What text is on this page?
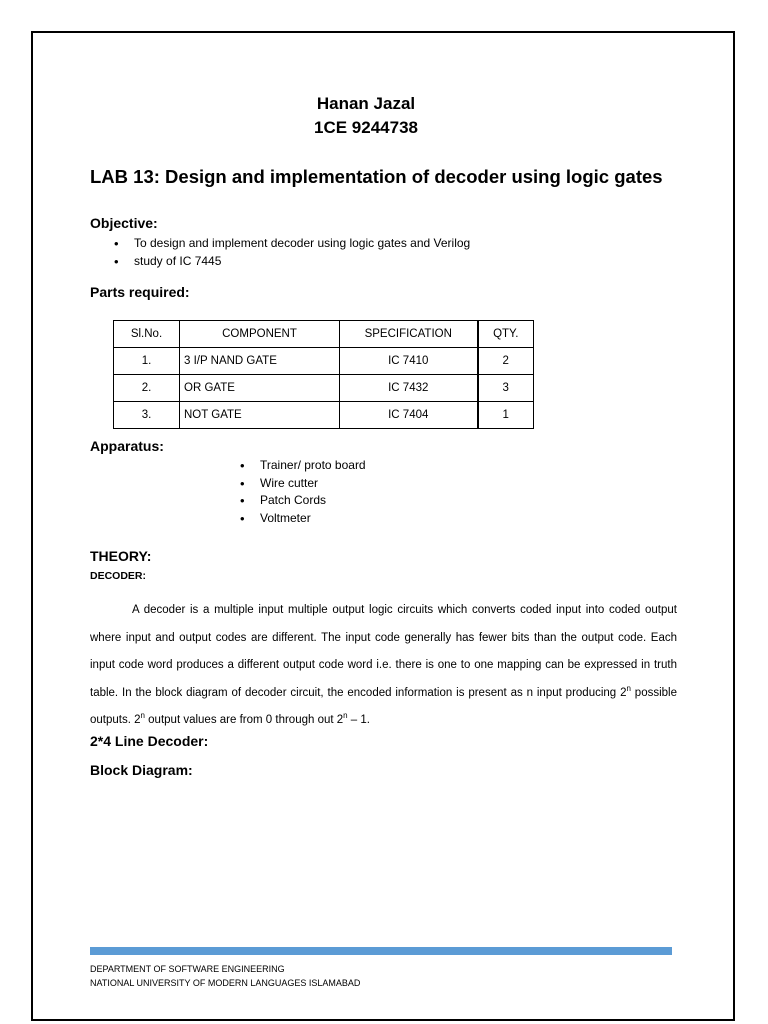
Hanan Jazal
1CE 9244738
LAB 13: Design and implementation of decoder using logic gates
Objective:
• To design and implement decoder using logic gates and Verilog
• study of IC 7445
Parts required:
Sl.No.	COMPONENT	SPECIFICATION	QTY.
1.	3 I/P NAND GATE	IC 7410	2
2.	OR GATE	IC 7432	3
3.	NOT GATE	IC 7404	1
Apparatus:
• Trainer/ proto board
• Wire cutter
• Patch Cords
• Voltmeter
THEORY:
DECODER:

A decoder is a multiple input multiple output logic circuits which converts coded input into coded output where input and output codes are different. The input code generally has fewer bits than the output code. Each input code word produces a different output code word i.e. there is one to one mapping can be expressed in truth table. In the block diagram of decoder circuit, the encoded information is present as n input producing 2$^n$ possible outputs. 2$^n$ output values are from 0 through out 2$^n$ – 1.

2*4 Line Decoder:
Block Diagram:
DEPARTMENT OF SOFTWARE ENGINEERING
NATIONAL UNIVERSITY OF MODERN LANGUAGES ISLAMABAD
